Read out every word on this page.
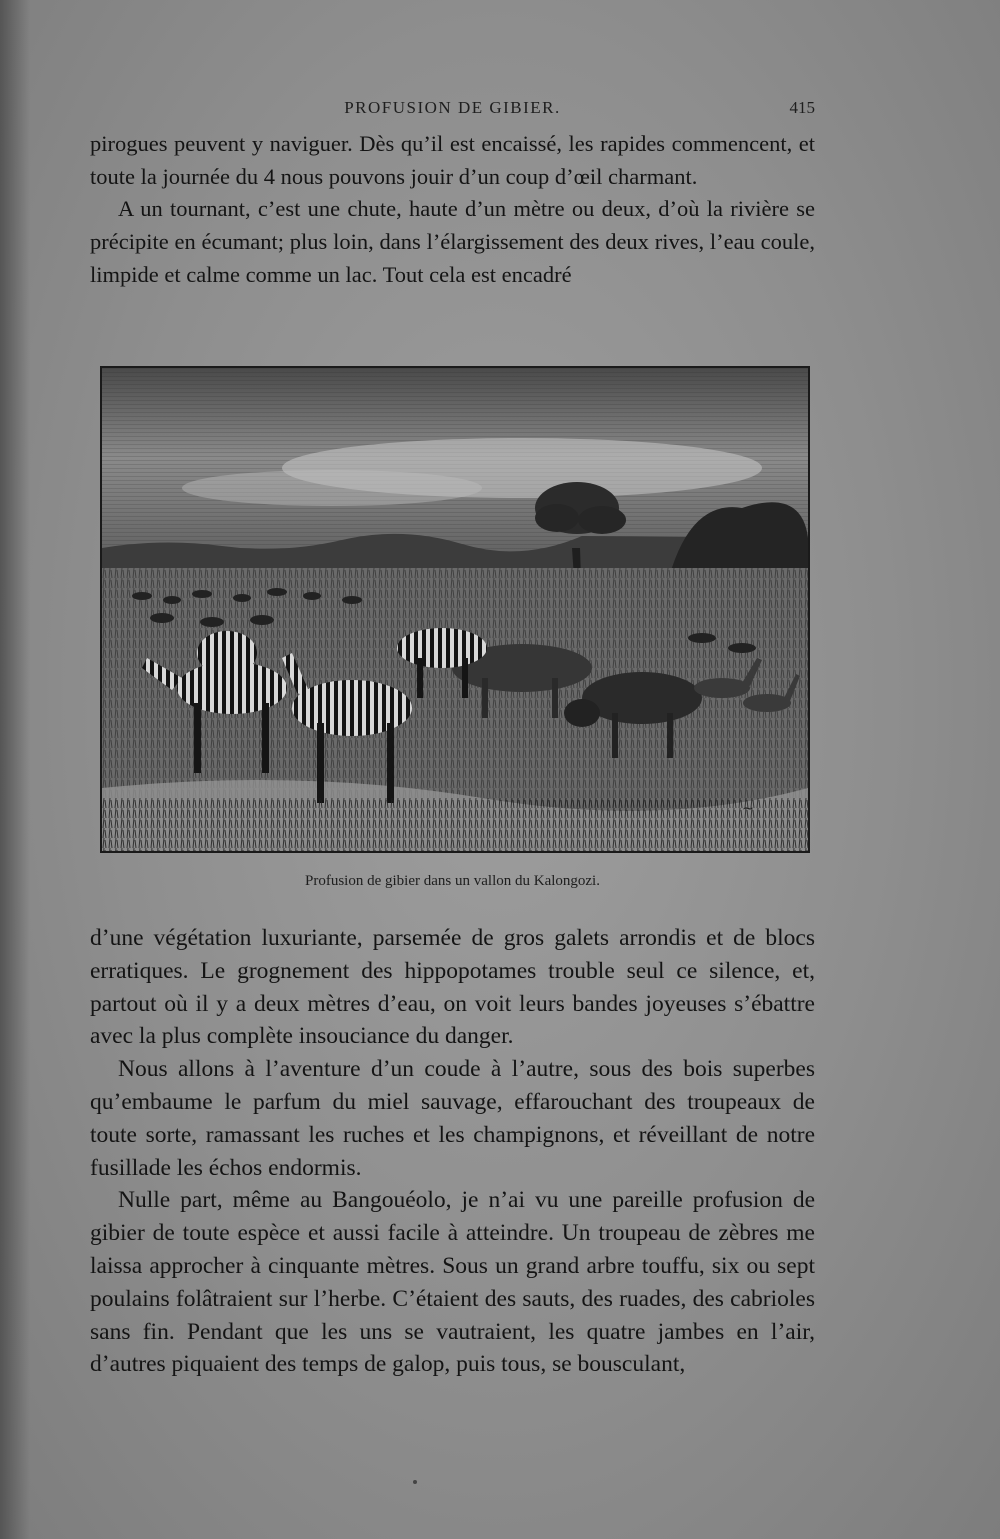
PROFUSION DE GIBIER.	415

pirogues peuvent y naviguer. Dès qu’il est encaissé, les rapides commencent, et toute la journée du 4 nous pouvons jouir d’un coup d’œil charmant.

A un tournant, c’est une chute, haute d’un mètre ou deux, d’où la rivière se précipite en écumant; plus loin, dans l’élargissement des deux rives, l’eau coule, limpide et calme comme un lac. Tout cela est encadré

~
Profusion de gibier dans un vallon du Kalongozi.

d’une végétation luxuriante, parsemée de gros galets arrondis et de blocs erratiques. Le grognement des hippopotames trouble seul ce silence, et, partout où il y a deux mètres d’eau, on voit leurs bandes joyeuses s’ébattre avec la plus complète insouciance du danger.

Nous allons à l’aventure d’un coude à l’autre, sous des bois superbes qu’embaume le parfum du miel sauvage, effarouchant des troupeaux de toute sorte, ramassant les ruches et les champignons, et réveillant de notre fusillade les échos endormis.

Nulle part, même au Bangouéolo, je n’ai vu une pareille profusion de gibier de toute espèce et aussi facile à atteindre. Un troupeau de zèbres me laissa approcher à cinquante mètres. Sous un grand arbre touffu, six ou sept poulains folâtraient sur l’herbe. C’étaient des sauts, des ruades, des cabrioles sans fin. Pendant que les uns se vautraient, les quatre jambes en l’air, d’autres piquaient des temps de galop, puis tous, se bousculant,
